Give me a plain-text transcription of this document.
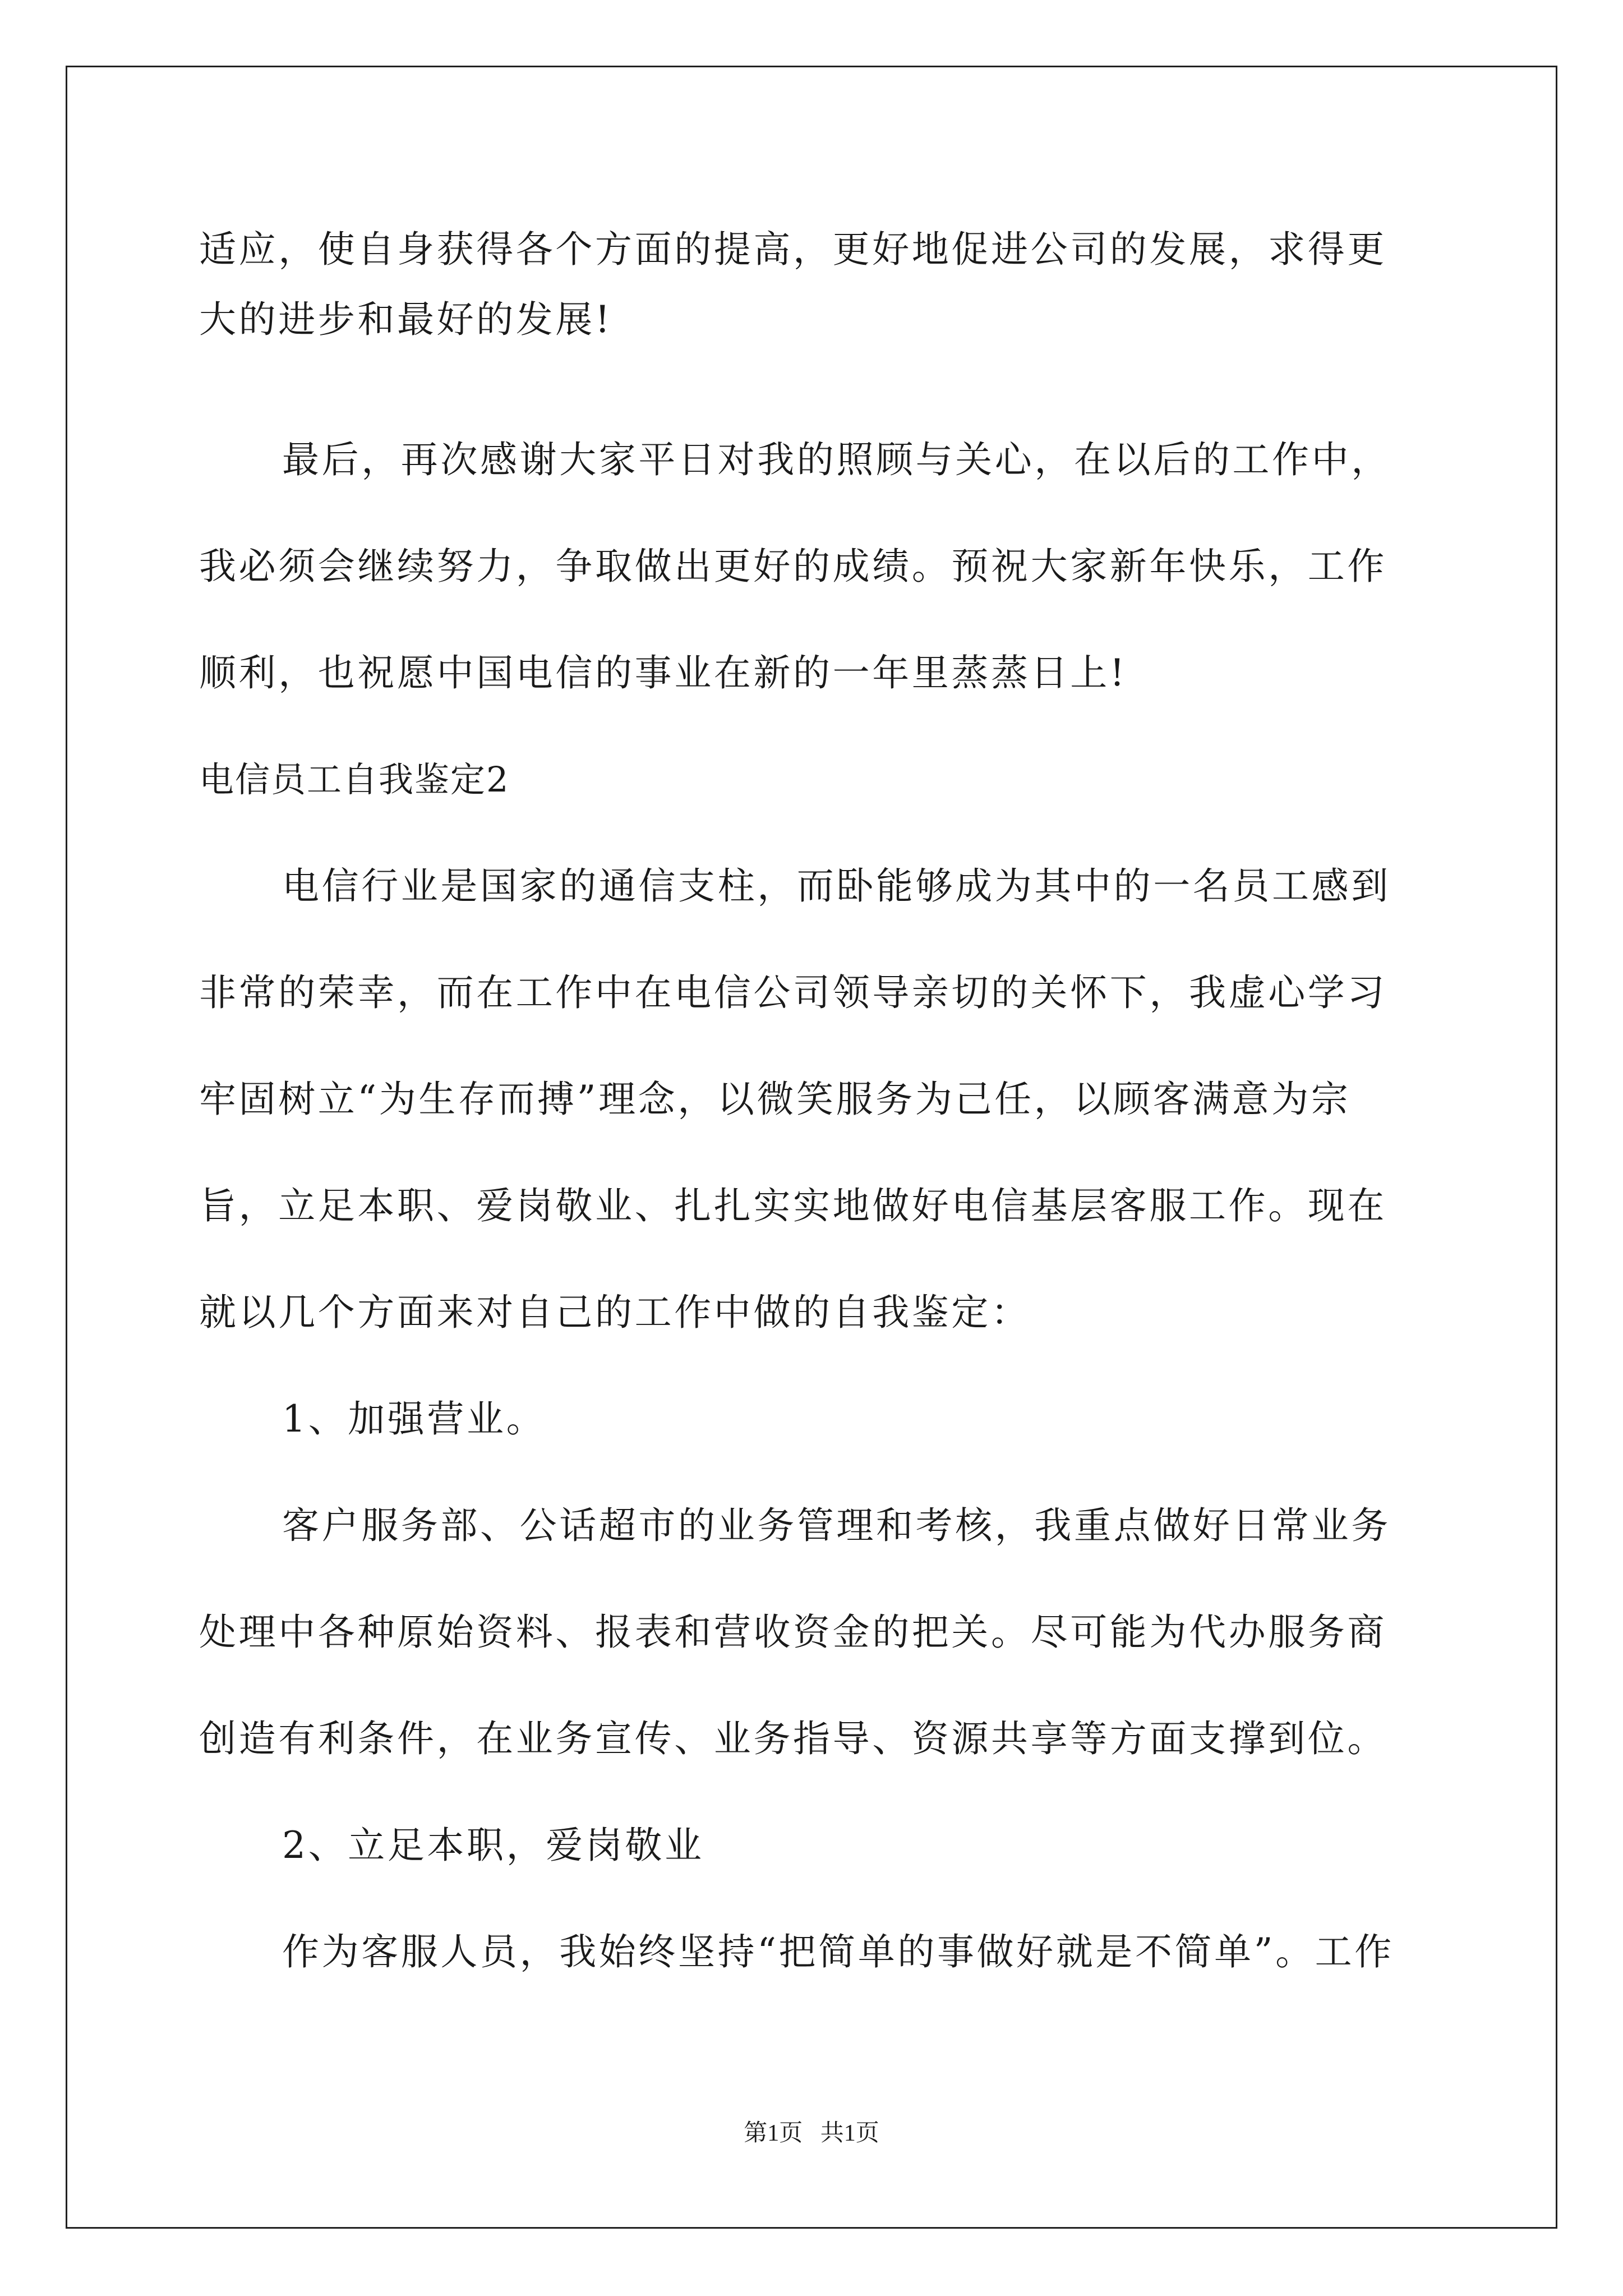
适应，使自身获得各个方面的提高，更好地促进公司的发展，求得更
大的进步和最好的发展!
最后，再次感谢大家平日对我的照顾与关心，在以后的工作中，
我必须会继续努力，争取做出更好的成绩。预祝大家新年快乐，工作
顺利，也祝愿中国电信的事业在新的一年里蒸蒸日上!
电信员工自我鉴定2
电信行业是国家的通信支柱，而卧能够成为其中的一名员工感到
非常的荣幸，而在工作中在电信公司领导亲切的关怀下，我虚心学习
牢固树立“为生存而搏”理念，以微笑服务为己任，以顾客满意为宗
旨，立足本职、爱岗敬业、扎扎实实地做好电信基层客服工作。现在
就以几个方面来对自己的工作中做的自我鉴定：
1、加强营业。
客户服务部、公话超市的业务管理和考核，我重点做好日常业务
处理中各种原始资料、报表和营收资金的把关。尽可能为代办服务商
创造有利条件，在业务宣传、业务指导、资源共享等方面支撑到位。
2、立足本职，爱岗敬业
作为客服人员，我始终坚持“把简单的事做好就是不简单”。工作
第1页   共1页
